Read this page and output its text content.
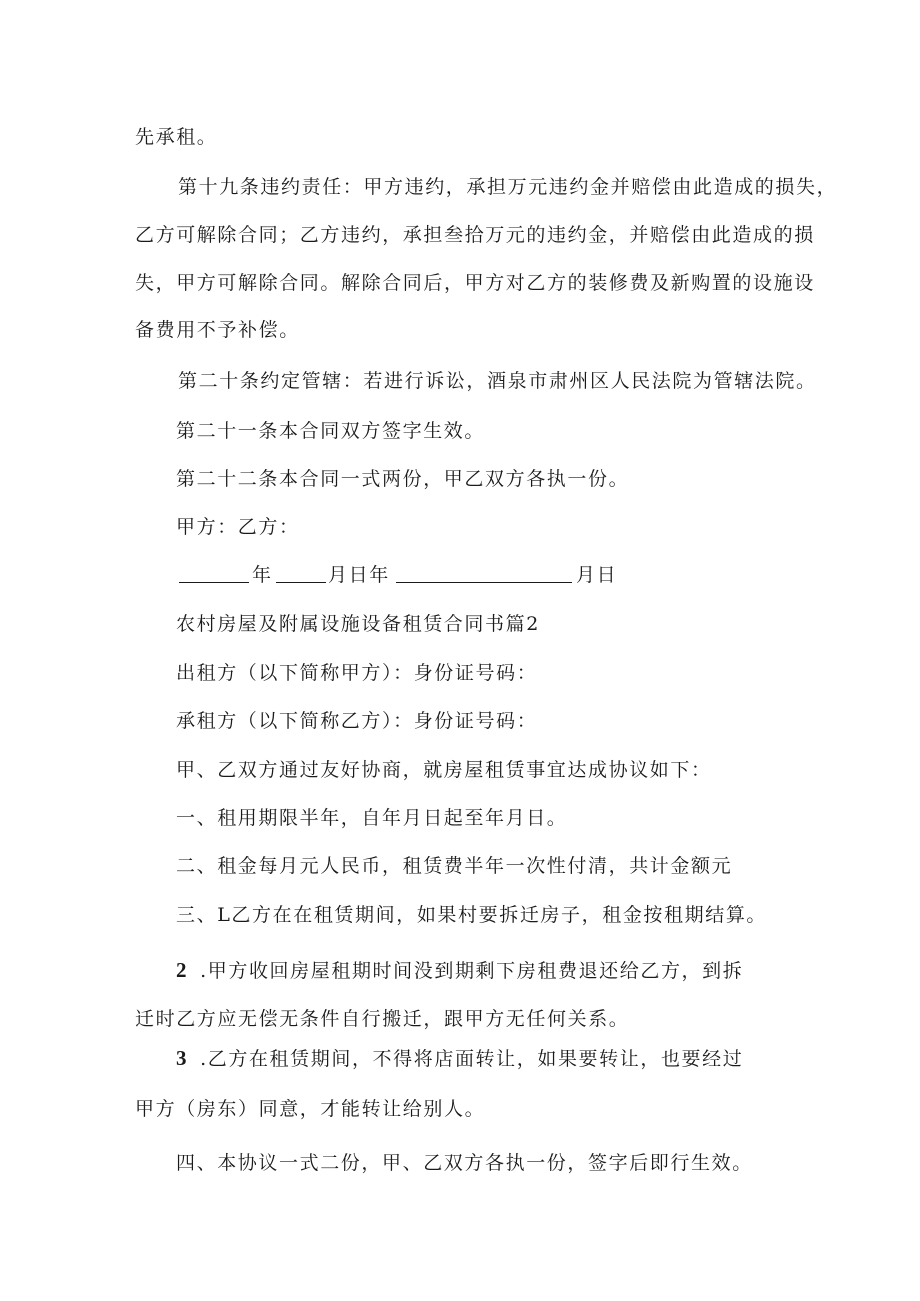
先承租。
第十九条违约责任：甲方违约，承担万元违约金并赔偿由此造成的损失，
乙方可解除合同；乙方违约，承担叁拾万元的违约金，并赔偿由此造成的损
失，甲方可解除合同。解除合同后，甲方对乙方的装修费及新购置的设施设
备费用不予补偿。
第二十条约定管辖：若进行诉讼，酒泉市肃州区人民法院为管辖法院。
第二十一条本合同双方签字生效。
第二十二条本合同一式两份，甲乙双方各执一份。
甲方：乙方：
年	月日年	月日
农村房屋及附属设施设备租赁合同书篇2
出租方（以下简称甲方）：身份证号码：
承租方（以下简称乙方）：身份证号码：
甲、乙双方通过友好协商，就房屋租赁事宜达成协议如下：
一、租用期限半年，自年月日起至年月日。
二、租金每月元人民币，租赁费半年一次性付清，共计金额元
三、L乙方在在租赁期间，如果村要拆迁房子，租金按租期结算。
2 .甲方收回房屋租期时间没到期剩下房租费退还给乙方，到拆
迁时乙方应无偿无条件自行搬迁，跟甲方无任何关系。
3 .乙方在租赁期间，不得将店面转让，如果要转让，也要经过
甲方（房东）同意，才能转让给别人。
四、本协议一式二份，甲、乙双方各执一份，签字后即行生效。
